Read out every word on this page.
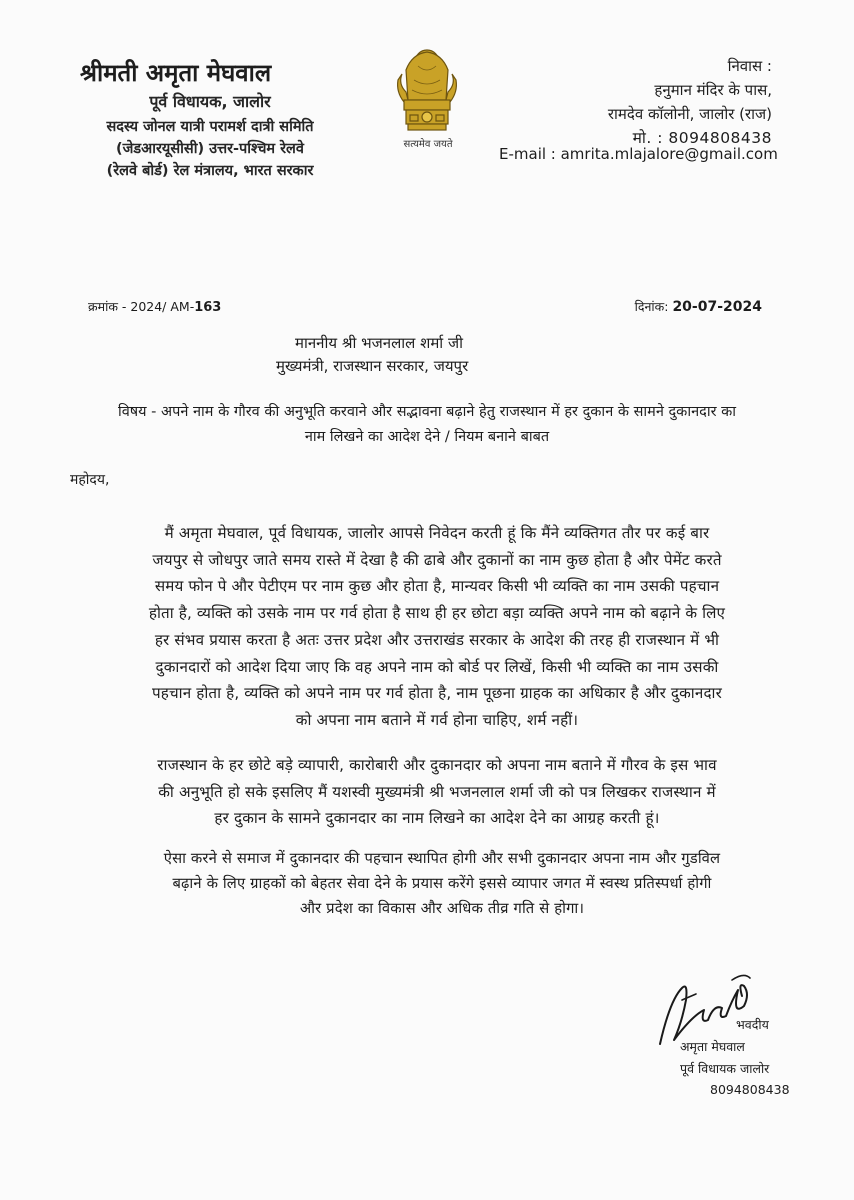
श्रीमती अमृता मेघवाल
पूर्व विधायक, जालोर
सदस्य जोनल यात्री परामर्श दात्री समिति
(जेडआरयूसीसी) उत्तर-पश्चिम रेलवे
(रेलवे बोर्ड) रेल मंत्रालय, भारत सरकार
सत्यमेव जयते
निवास :
हनुमान मंदिर के पास,
रामदेव कॉलोनी, जालोर (राज)
मो. : 8094808438
E-mail : amrita.mlajalore@gmail.com
क्रमांक - 2024/ AM-163	दिनांक: 20-07-2024
माननीय श्री भजनलाल शर्मा जी
मुख्यमंत्री, राजस्थान सरकार, जयपुर
विषय - अपने नाम के गौरव की अनुभूति करवाने और सद्भावना बढ़ाने हेतु राजस्थान में हर दुकान के सामने दुकानदार का
नाम लिखने का आदेश देने / नियम बनाने बाबत
महोदय,
मैं अमृता मेघवाल, पूर्व विधायक, जालोर आपसे निवेदन करती हूं कि मैंने व्यक्तिगत तौर पर कई बार
जयपुर से जोधपुर जाते समय रास्ते में देखा है की ढाबे और दुकानों का नाम कुछ होता है और पेमेंट करते
समय फोन पे और पेटीएम पर नाम कुछ और होता है, मान्यवर किसी भी व्यक्ति का नाम उसकी पहचान
होता है, व्यक्ति को उसके नाम पर गर्व होता है साथ ही हर छोटा बड़ा व्यक्ति अपने नाम को बढ़ाने के लिए
हर संभव प्रयास करता है अतः उत्तर प्रदेश और उत्तराखंड सरकार के आदेश की तरह ही राजस्थान में भी
दुकानदारों को आदेश दिया जाए कि वह अपने नाम को बोर्ड पर लिखें, किसी भी व्यक्ति का नाम उसकी
पहचान होता है, व्यक्ति को अपने नाम पर गर्व होता है, नाम पूछना ग्राहक का अधिकार है और दुकानदार
को अपना नाम बताने में गर्व होना चाहिए, शर्म नहीं।
राजस्थान के हर छोटे बड़े व्यापारी, कारोबारी और दुकानदार को अपना नाम बताने में गौरव के इस भाव
की अनुभूति हो सके इसलिए मैं यशस्वी मुख्यमंत्री श्री भजनलाल शर्मा जी को पत्र लिखकर राजस्थान में
हर दुकान के सामने दुकानदार का नाम लिखने का आदेश देने का आग्रह करती हूं।
ऐसा करने से समाज में दुकानदार की पहचान स्थापित होगी और सभी दुकानदार अपना नाम और गुडविल
बढ़ाने के लिए ग्राहकों को बेहतर सेवा देने के प्रयास करेंगे इससे व्यापार जगत में स्वस्थ प्रतिस्पर्धा होगी
और प्रदेश का विकास और अधिक तीव्र गति से होगा।
भवदीय
अमृता मेघवाल
पूर्व विधायक जालोर
8094808438
